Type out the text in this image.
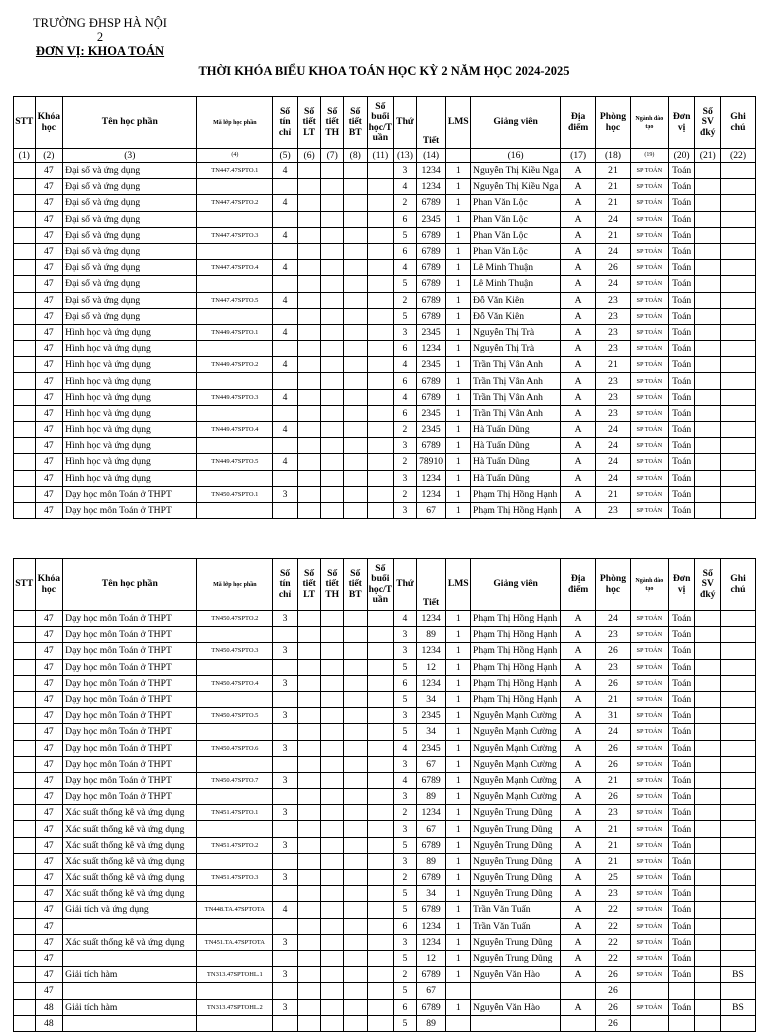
TRƯỜNG ĐHSP HÀ NỘI 2
ĐƠN VỊ: KHOA TOÁN
THỜI KHÓA BIỂU KHOA TOÁN HỌC KỲ 2 NĂM HỌC 2024-2025
STT	Khóa học	Tên học phần	Mã lớp học phần	Số tín chỉ	Số tiết LT	Số tiết TH	Số tiết BT	Số buổi học/T uần	Thứ	Tiết	LMS	Giảng viên	Địa điểm	Phòng học	Ngành đào tạo	Đơn vị	Số SV đký	Ghi chú
(1)	(2)	(3)	(4)	(5)	(6)	(7)	(8)	(11)	(13)	(14)		(16)	(17)	(18)	(19)	(20)	(21)	(22)
	47	Đại số và ứng dụng	TN447.47SPTO.1	4					3	1234	1	Nguyễn Thị Kiều Nga	A	21	SP TOÁN	Toán		
	47	Đại số và ứng dụng							4	1234	1	Nguyễn Thị Kiều Nga	A	21	SP TOÁN	Toán		
	47	Đại số và ứng dụng	TN447.47SPTO.2	4					2	6789	1	Phan Văn Lộc	A	21	SP TOÁN	Toán		
	47	Đại số và ứng dụng							6	2345	1	Phan Văn Lộc	A	24	SP TOÁN	Toán		
	47	Đại số và ứng dụng	TN447.47SPTO.3	4					5	6789	1	Phan Văn Lộc	A	21	SP TOÁN	Toán		
	47	Đại số và ứng dụng							6	6789	1	Phan Văn Lộc	A	24	SP TOÁN	Toán		
	47	Đại số và ứng dụng	TN447.47SPTO.4	4					4	6789	1	Lê Minh Thuận	A	26	SP TOÁN	Toán		
	47	Đại số và ứng dụng							5	6789	1	Lê Minh Thuận	A	24	SP TOÁN	Toán		
	47	Đại số và ứng dụng	TN447.47SPTO.5	4					2	6789	1	Đỗ Văn Kiên	A	23	SP TOÁN	Toán		
	47	Đại số và ứng dụng							5	6789	1	Đỗ Văn Kiên	A	23	SP TOÁN	Toán		
	47	Hình học và ứng dụng	TN449.47SPTO.1	4					3	2345	1	Nguyễn Thị Trà	A	23	SP TOÁN	Toán		
	47	Hình học và ứng dụng							6	1234	1	Nguyễn Thị Trà	A	23	SP TOÁN	Toán		
	47	Hình học và ứng dụng	TN449.47SPTO.2	4					4	2345	1	Trần Thị Vân Anh	A	21	SP TOÁN	Toán		
	47	Hình học và ứng dụng							6	6789	1	Trần Thị Vân Anh	A	23	SP TOÁN	Toán		
	47	Hình học và ứng dụng	TN449.47SPTO.3	4					4	6789	1	Trần Thị Vân Anh	A	23	SP TOÁN	Toán		
	47	Hình học và ứng dụng							6	2345	1	Trần Thị Vân Anh	A	23	SP TOÁN	Toán		
	47	Hình học và ứng dụng	TN449.47SPTO.4	4					2	2345	1	Hà Tuấn Dũng	A	24	SP TOÁN	Toán		
	47	Hình học và ứng dụng							3	6789	1	Hà Tuấn Dũng	A	24	SP TOÁN	Toán		
	47	Hình học và ứng dụng	TN449.47SPTO.5	4					2	78910	1	Hà Tuấn Dũng	A	24	SP TOÁN	Toán		
	47	Hình học và ứng dụng							3	1234	1	Hà Tuấn Dũng	A	24	SP TOÁN	Toán		
	47	Dạy học môn Toán ở THPT	TN450.47SPTO.1	3					2	1234	1	Phạm Thị Hồng Hạnh	A	21	SP TOÁN	Toán		
	47	Dạy học môn Toán ở THPT							3	67	1	Phạm Thị Hồng Hạnh	A	23	SP TOÁN	Toán		
STT	Khóa học	Tên học phần	Mã lớp học phần	Số tín chỉ	Số tiết LT	Số tiết TH	Số tiết BT	Số buổi học/T uần	Thứ	Tiết	LMS	Giảng viên	Địa điểm	Phòng học	Ngành đào tạo	Đơn vị	Số SV đký	Ghi chú
	47	Dạy học môn Toán ở THPT	TN450.47SPTO.2	3					4	1234	1	Phạm Thị Hồng Hạnh	A	24	SP TOÁN	Toán		
	47	Dạy học môn Toán ở THPT							3	89	1	Phạm Thị Hồng Hạnh	A	23	SP TOÁN	Toán		
	47	Dạy học môn Toán ở THPT	TN450.47SPTO.3	3					3	1234	1	Phạm Thị Hồng Hạnh	A	26	SP TOÁN	Toán		
	47	Dạy học môn Toán ở THPT							5	12	1	Phạm Thị Hồng Hạnh	A	23	SP TOÁN	Toán		
	47	Dạy học môn Toán ở THPT	TN450.47SPTO.4	3					6	1234	1	Phạm Thị Hồng Hạnh	A	26	SP TOÁN	Toán		
	47	Dạy học môn Toán ở THPT							5	34	1	Phạm Thị Hồng Hạnh	A	21	SP TOÁN	Toán		
	47	Dạy học môn Toán ở THPT	TN450.47SPTO.5	3					3	2345	1	Nguyễn Mạnh Cường	A	31	SP TOÁN	Toán		
	47	Dạy học môn Toán ở THPT							5	34	1	Nguyễn Mạnh Cường	A	24	SP TOÁN	Toán		
	47	Dạy học môn Toán ở THPT	TN450.47SPTO.6	3					4	2345	1	Nguyễn Mạnh Cường	A	26	SP TOÁN	Toán		
	47	Dạy học môn Toán ở THPT							3	67	1	Nguyễn Mạnh Cường	A	26	SP TOÁN	Toán		
	47	Dạy học môn Toán ở THPT	TN450.47SPTO.7	3					4	6789	1	Nguyễn Mạnh Cường	A	21	SP TOÁN	Toán		
	47	Dạy học môn Toán ở THPT							3	89	1	Nguyễn Mạnh Cường	A	26	SP TOÁN	Toán		
	47	Xác suất thống kê và ứng dụng	TN451.47SPTO.1	3					2	1234	1	Nguyễn Trung Dũng	A	23	SP TOÁN	Toán		
	47	Xác suất thống kê và ứng dụng							3	67	1	Nguyễn Trung Dũng	A	21	SP TOÁN	Toán		
	47	Xác suất thống kê và ứng dụng	TN451.47SPTO.2	3					5	6789	1	Nguyễn Trung Dũng	A	21	SP TOÁN	Toán		
	47	Xác suất thống kê và ứng dụng							3	89	1	Nguyễn Trung Dũng	A	21	SP TOÁN	Toán		
	47	Xác suất thống kê và ứng dụng	TN451.47SPTO.3	3					2	6789	1	Nguyễn Trung Dũng	A	25	SP TOÁN	Toán		
	47	Xác suất thống kê và ứng dụng							5	34	1	Nguyễn Trung Dũng	A	23	SP TOÁN	Toán		
	47	Giải tích và ứng dụng	TN448.TA.47SPTOTA	4					5	6789	1	Trần Văn Tuấn	A	22	SP TOÁN	Toán		
	47								6	1234	1	Trần Văn Tuấn	A	22	SP TOÁN	Toán		
	47	Xác suất thống kê và ứng dụng	TN451.TA.47SPTOTA	3					3	1234	1	Nguyễn Trung Dũng	A	22	SP TOÁN	Toán		
	47								5	12	1	Nguyễn Trung Dũng	A	22	SP TOÁN	Toán		
	47	Giải tích hàm	TN313.47SPTOHL.1	3					2	6789	1	Nguyễn Văn Hào	A	26	SP TOÁN	Toán		BS
	47								5	67				26				
	48	Giải tích hàm	TN313.47SPTOHL.2	3					6	6789	1	Nguyễn Văn Hào	A	26	SP TOÁN	Toán		BS
	48								5	89				26				
